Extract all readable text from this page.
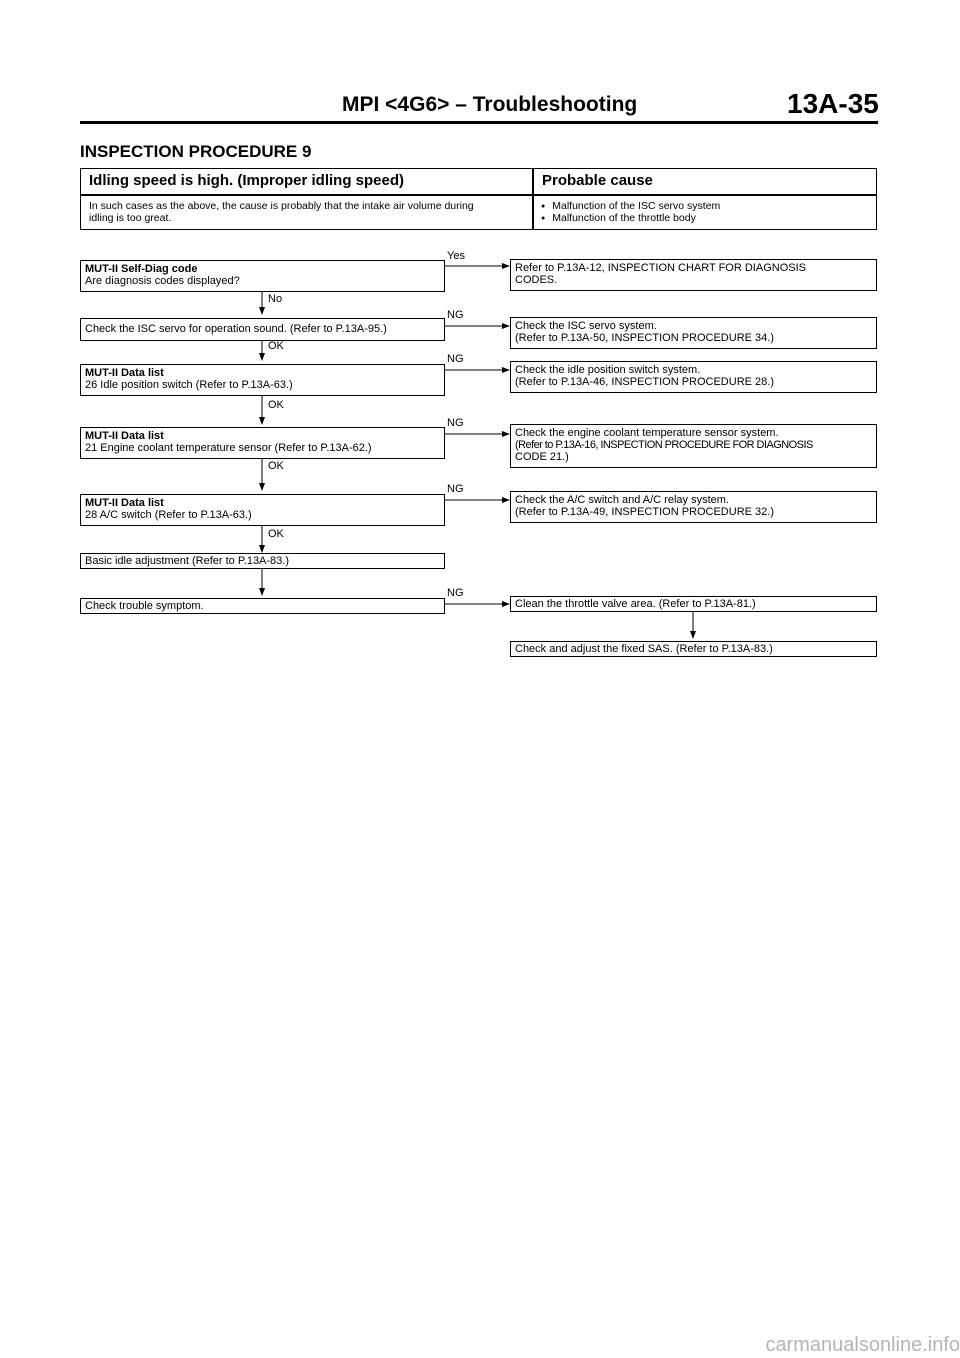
MPI <4G6> – Troubleshooting	13A-35
INSPECTION PROCEDURE 9
Idling speed is high. (Improper idling speed)	Probable cause
In such cases as the above, the cause is probably that the intake air volume during
idling is too great.
● Malfunction of the ISC servo system
● Malfunction of the throttle body
MUT-II Self-Diag code
Are diagnosis codes displayed?
Check the ISC servo for operation sound. (Refer to P.13A-95.)
MUT-II Data list
26 Idle position switch (Refer to P.13A-63.)
MUT-II Data list
21 Engine coolant temperature sensor (Refer to P.13A-62.)
MUT-II Data list
28 A/C switch (Refer to P.13A-63.)
Basic idle adjustment (Refer to P.13A-83.)
Check trouble symptom.
Refer to P.13A-12, INSPECTION CHART FOR DIAGNOSIS
CODES.
Check the ISC servo system.
(Refer to P.13A-50, INSPECTION PROCEDURE 34.)
Check the idle position switch system.
(Refer to P.13A-46, INSPECTION PROCEDURE 28.)
Check the engine coolant temperature sensor system.
(Refer to P.13A-16, INSPECTION PROCEDURE FOR DIAGNOSIS
CODE 21.)
Check the A/C switch and A/C relay system.
(Refer to P.13A-49, INSPECTION PROCEDURE 32.)
Clean the throttle valve area. (Refer to P.13A-81.)
Check and adjust the fixed SAS. (Refer to P.13A-83.)
Yes
No
NG
OK
NG
OK
NG
OK
NG
OK
NG
carmanualsonline.info
